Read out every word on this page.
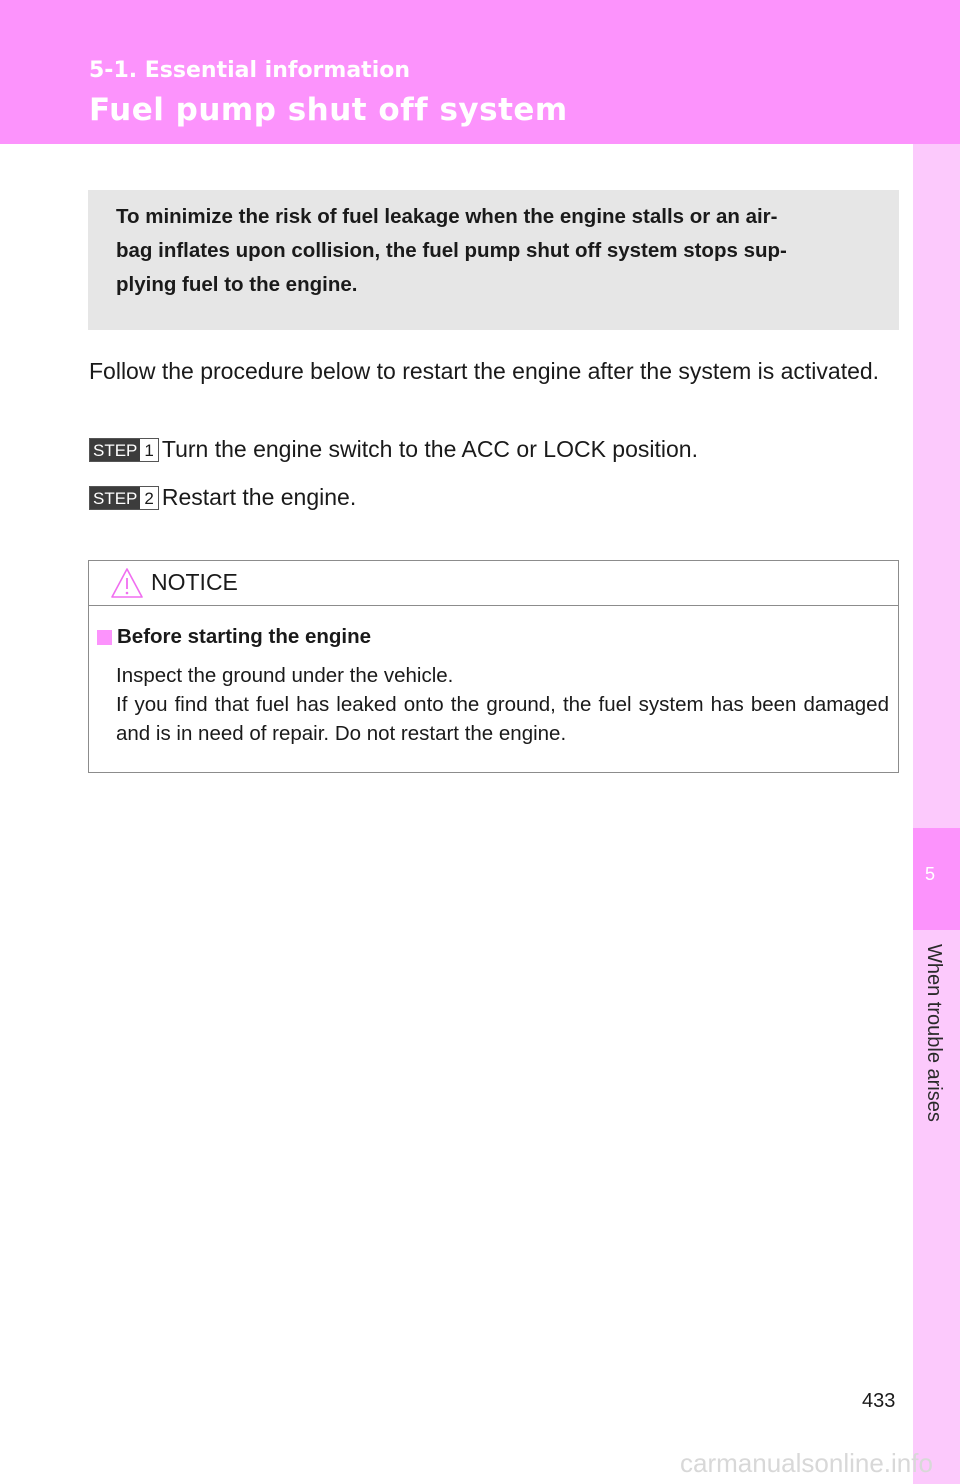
5-1. Essential information
Fuel pump shut off system
5
When trouble arises
To minimize the risk of fuel leakage when the engine stalls or an air-
bag inflates upon collision, the fuel pump shut off system stops sup-
plying fuel to the engine.

Follow the procedure below to restart the engine after the system is activated.

STEP 1 Turn the engine switch to the ACC or LOCK position.
STEP 2 Restart the engine.
NOTICE
Before starting the engine

Inspect the ground under the vehicle.
If you find that fuel has leaked onto the ground, the fuel system has been damaged and is in need of repair. Do not restart the engine.

433
carmanualsonline.info
